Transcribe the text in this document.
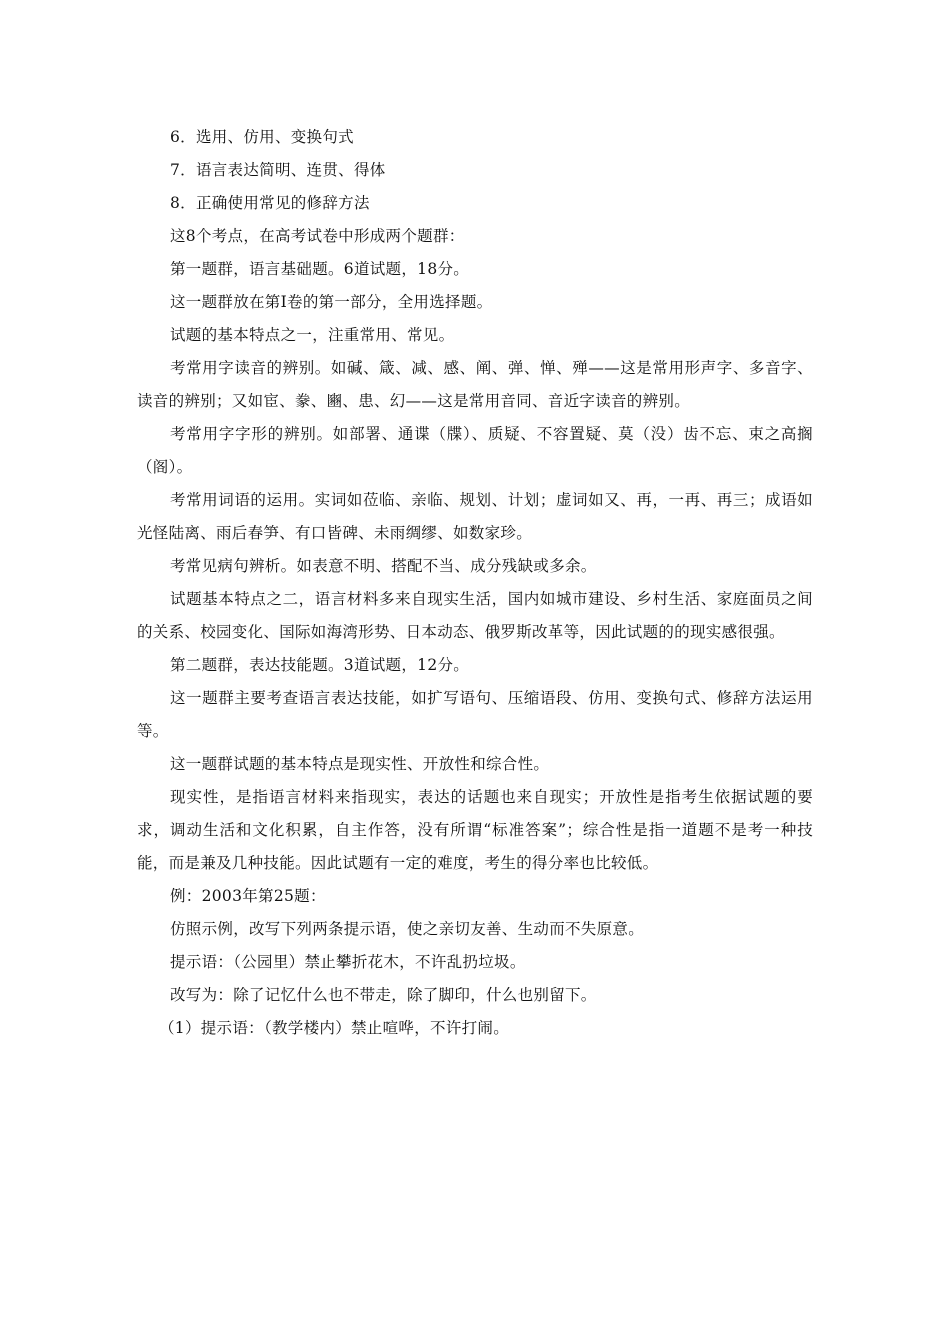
6．选用、仿用、变换句式

7．语言表达简明、连贯、得体

8．正确使用常见的修辞方法

这8个考点，在高考试卷中形成两个题群：

第一题群，语言基础题。6道试题，18分。

这一题群放在第Ⅰ卷的第一部分，全用选择题。

试题的基本特点之一，注重常用、常见。

考常用字读音的辨别。如碱、箴、减、感、阐、弹、惮、殚——这是常用形声字、多音字、读音的辨别；又如宦、豢、豳、患、幻——这是常用音同、音近字读音的辨别。

考常用字字形的辨别。如部署、通谍（牒）、质疑、不容置疑、莫（没）齿不忘、束之高搁（阁）。

考常用词语的运用。实词如莅临、亲临、规划、计划；虚词如又、再，一再、再三；成语如光怪陆离、雨后春笋、有口皆碑、未雨绸缪、如数家珍。

考常见病句辨析。如表意不明、搭配不当、成分残缺或多余。

试题基本特点之二，语言材料多来自现实生活，国内如城市建设、乡村生活、家庭面员之间的关系、校园变化、国际如海湾形势、日本动态、俄罗斯改革等，因此试题的的现实感很强。

第二题群，表达技能题。3道试题，12分。

这一题群主要考查语言表达技能，如扩写语句、压缩语段、仿用、变换句式、修辞方法运用等。

这一题群试题的基本特点是现实性、开放性和综合性。

现实性，是指语言材料来指现实，表达的话题也来自现实；开放性是指考生依据试题的要求，调动生活和文化积累，自主作答，没有所谓“标准答案”；综合性是指一道题不是考一种技能，而是兼及几种技能。因此试题有一定的难度，考生的得分率也比较低。

例：2003年第25题：

仿照示例，改写下列两条提示语，使之亲切友善、生动而不失原意。

提示语：（公园里）禁止攀折花木，不许乱扔垃圾。

改写为：除了记忆什么也不带走，除了脚印，什么也别留下。

（1）提示语：（教学楼内）禁止喧哗，不许打闹。
